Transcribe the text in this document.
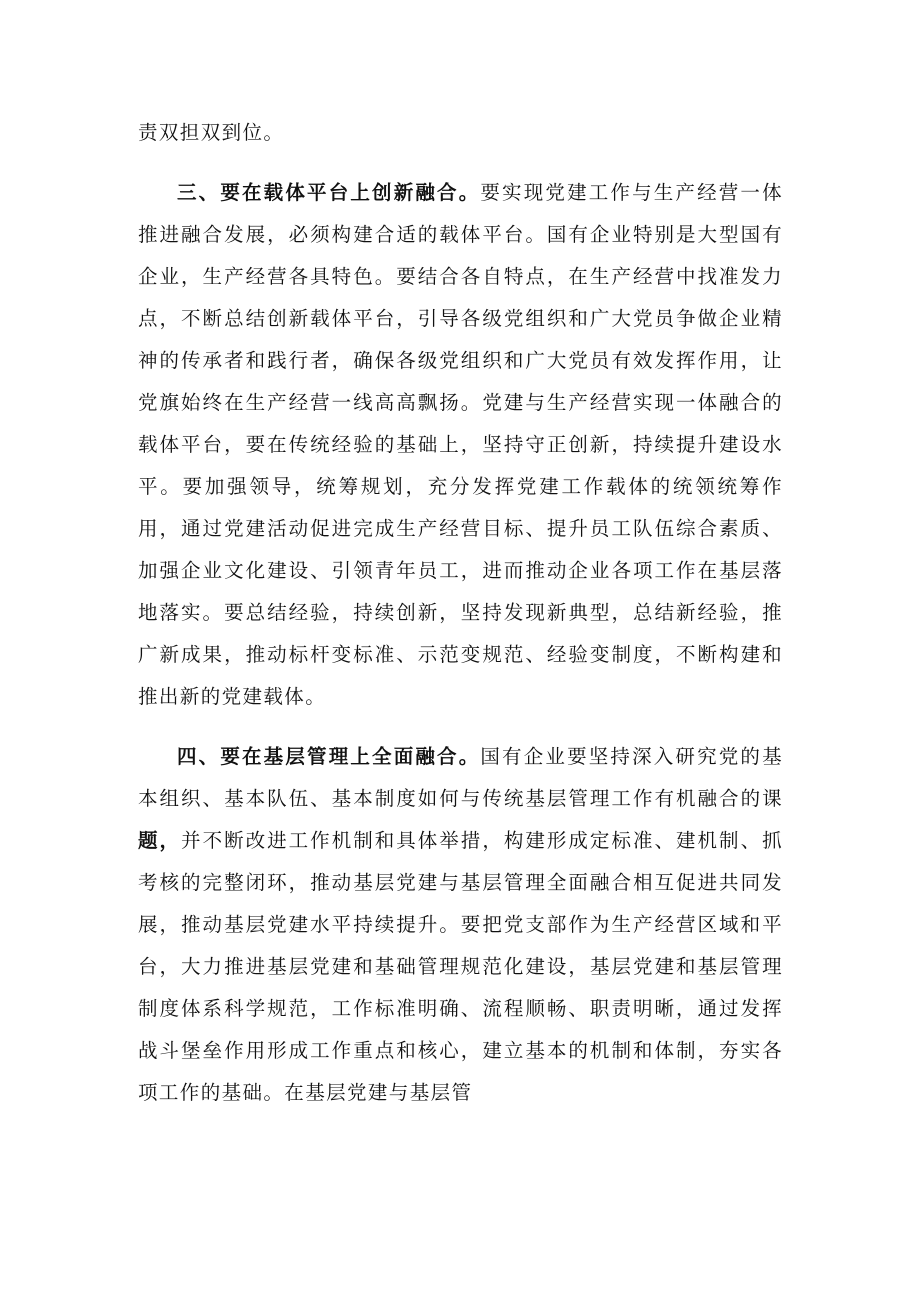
责双担双到位。

三、要在载体平台上创新融合。要实现党建工作与生产经营一体推进融合发展，必须构建合适的载体平台。国有企业特别是大型国有企业，生产经营各具特色。要结合各自特点，在生产经营中找准发力点，不断总结创新载体平台，引导各级党组织和广大党员争做企业精神的传承者和践行者，确保各级党组织和广大党员有效发挥作用，让党旗始终在生产经营一线高高飘扬。党建与生产经营实现一体融合的载体平台，要在传统经验的基础上，坚持守正创新，持续提升建设水平。要加强领导，统筹规划，充分发挥党建工作载体的统领统筹作用，通过党建活动促进完成生产经营目标、提升员工队伍综合素质、加强企业文化建设、引领青年员工，进而推动企业各项工作在基层落地落实。要总结经验，持续创新，坚持发现新典型，总结新经验，推广新成果，推动标杆变标准、示范变规范、经验变制度，不断构建和推出新的党建载体。

四、要在基层管理上全面融合。国有企业要坚持深入研究党的基本组织、基本队伍、基本制度如何与传统基层管理工作有机融合的课题，并不断改进工作机制和具体举措，构建形成定标准、建机制、抓考核的完整闭环，推动基层党建与基层管理全面融合相互促进共同发展，推动基层党建水平持续提升。要把党支部作为生产经营区域和平台，大力推进基层党建和基础管理规范化建设，基层党建和基层管理制度体系科学规范，工作标准明确、流程顺畅、职责明晰，通过发挥战斗堡垒作用形成工作重点和核心，建立基本的机制和体制，夯实各项工作的基础。在基层党建与基层管
